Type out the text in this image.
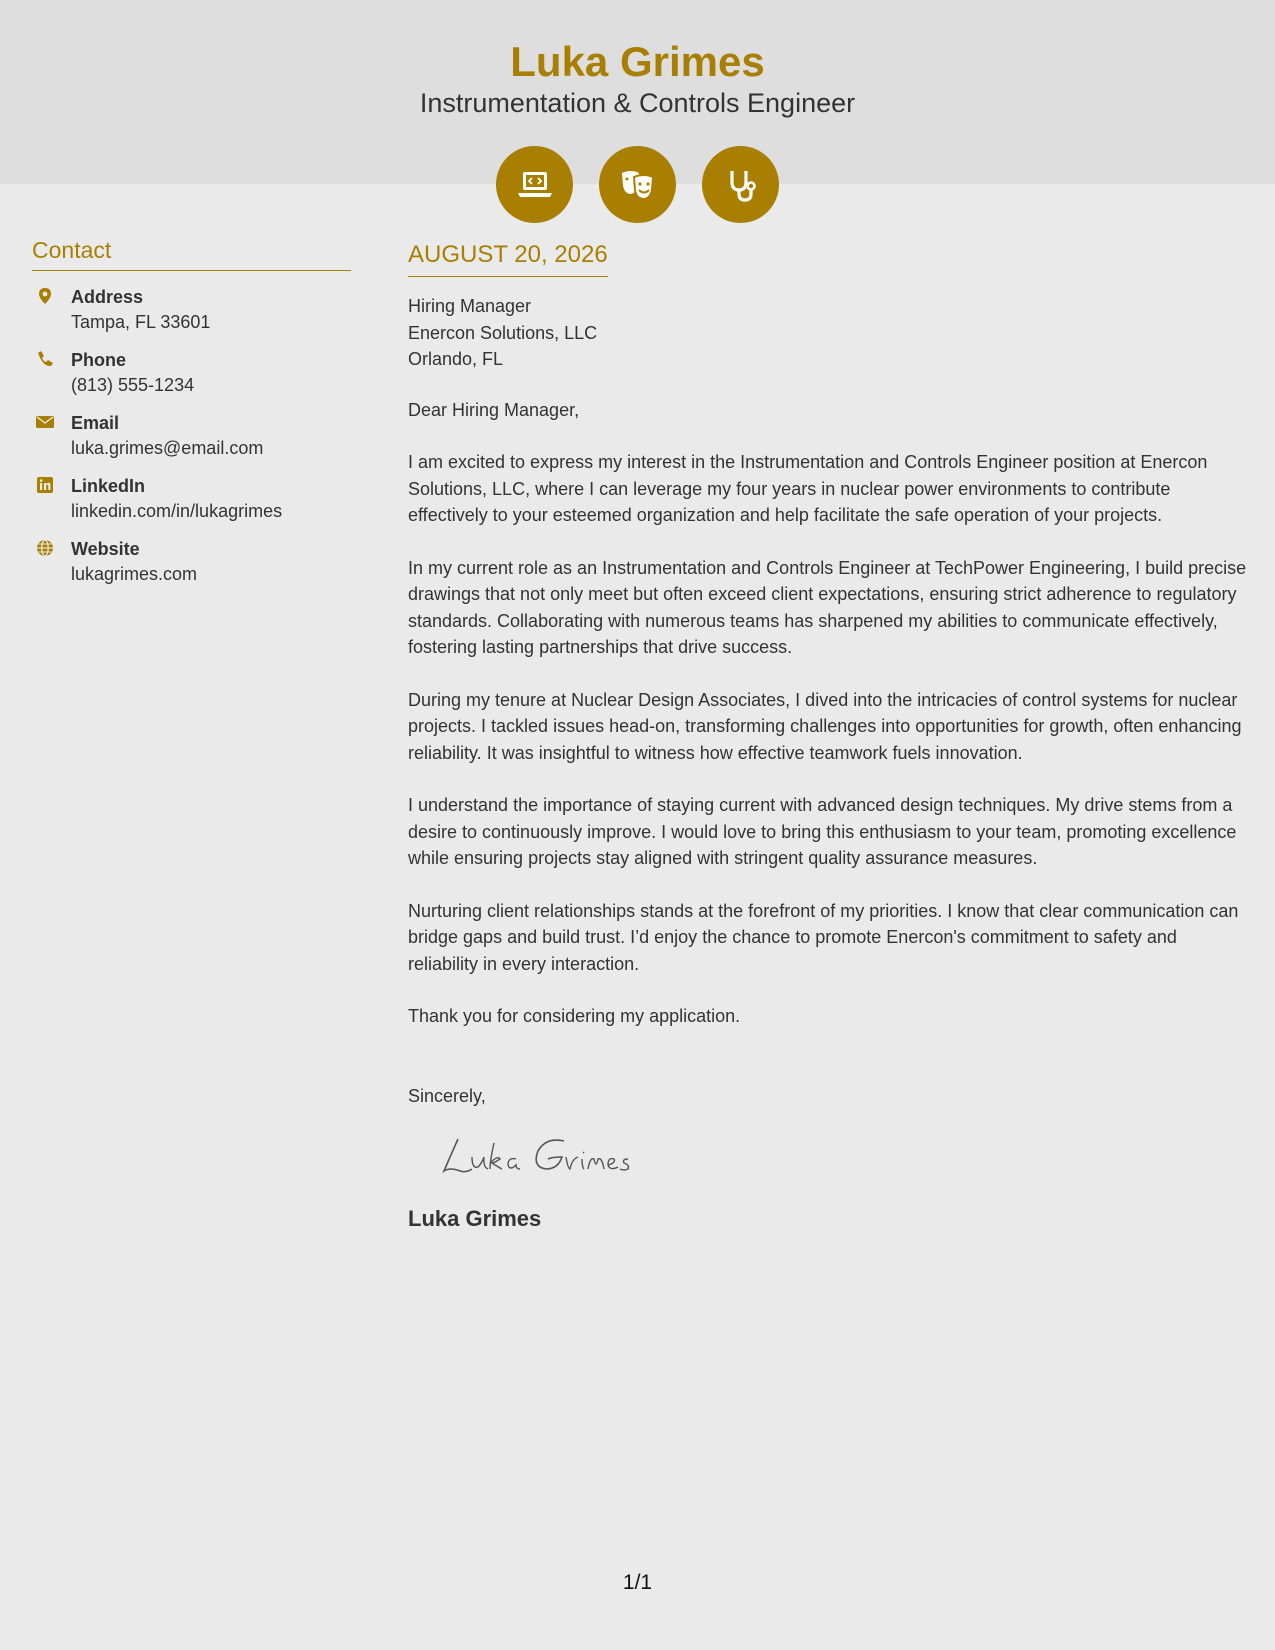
Luka Grimes
Instrumentation & Controls Engineer
Contact
Address
Tampa, FL 33601
Phone
(813) 555-1234
Email
luka.grimes@email.com
LinkedIn
linkedin.com/in/lukagrimes
Website
lukagrimes.com
AUGUST 20, 2026
Hiring Manager
Enercon Solutions, LLC
Orlando, FL

Dear Hiring Manager,

I am excited to express my interest in the Instrumentation and Controls Engineer position at Enercon Solutions, LLC, where I can leverage my four years in nuclear power environments to contribute effectively to your esteemed organization and help facilitate the safe operation of your projects.

In my current role as an Instrumentation and Controls Engineer at TechPower Engineering, I build precise drawings that not only meet but often exceed client expectations, ensuring strict adherence to regulatory standards. Collaborating with numerous teams has sharpened my abilities to communicate effectively, fostering lasting partnerships that drive success.

During my tenure at Nuclear Design Associates, I dived into the intricacies of control systems for nuclear projects. I tackled issues head-on, transforming challenges into opportunities for growth, often enhancing reliability. It was insightful to witness how effective teamwork fuels innovation.

I understand the importance of staying current with advanced design techniques. My drive stems from a desire to continuously improve. I would love to bring this enthusiasm to your team, promoting excellence while ensuring projects stay aligned with stringent quality assurance measures.

Nurturing client relationships stands at the forefront of my priorities. I know that clear communication can bridge gaps and build trust. I’d enjoy the chance to promote Enercon's commitment to safety and reliability in every interaction.

Thank you for considering my application.

Sincerely,
Luka Grimes
1/1
